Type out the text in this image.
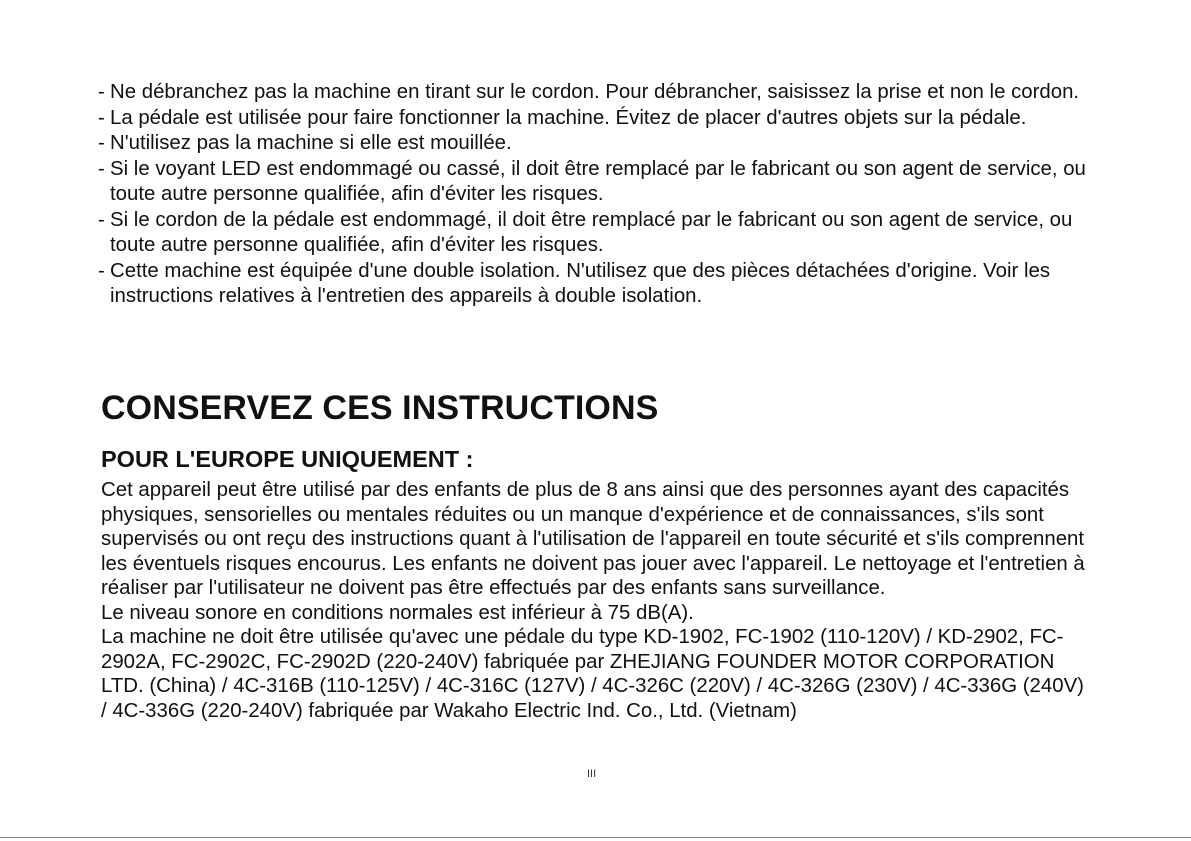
- Ne débranchez pas la machine en tirant sur le cordon. Pour débrancher, saisissez la prise et non le cordon.
- La pédale est utilisée pour faire fonctionner la machine. Évitez de placer d'autres objets sur la pédale.
- N'utilisez pas la machine si elle est mouillée.
- Si le voyant LED est endommagé ou cassé, il doit être remplacé par le fabricant ou son agent de service, ou toute autre personne qualifiée, afin d'éviter les risques.
- Si le cordon de la pédale est endommagé, il doit être remplacé par le fabricant ou son agent de service, ou toute autre personne qualifiée, afin d'éviter les risques.
- Cette machine est équipée d'une double isolation. N'utilisez que des pièces détachées d'origine. Voir les instructions relatives à l'entretien des appareils à double isolation.
CONSERVEZ CES INSTRUCTIONS
POUR L'EUROPE UNIQUEMENT :

Cet appareil peut être utilisé par des enfants de plus de 8 ans ainsi que des personnes ayant des capacités physiques, sensorielles ou mentales réduites ou un manque d'expérience et de connaissances, s'ils sont supervisés ou ont reçu des instructions quant à l'utilisation de l'appareil en toute sécurité et s'ils comprennent les éventuels risques encourus. Les enfants ne doivent pas jouer avec l'appareil. Le nettoyage et l'entretien à réaliser par l'utilisateur ne doivent pas être effectués par des enfants sans surveillance.

Le niveau sonore en conditions normales est inférieur à 75 dB(A).

La machine ne doit être utilisée qu'avec une pédale du type KD-1902, FC-1902 (110-120V) / KD-2902, FC-2902A, FC-2902C, FC-2902D (220-240V) fabriquée par ZHEJIANG FOUNDER MOTOR CORPORATION LTD. (China) / 4C-316B (110-125V) / 4C-316C (127V) / 4C-326C (220V) / 4C-326G (230V) / 4C-336G (240V) / 4C-336G (220-240V) fabriquée par Wakaho Electric Ind. Co., Ltd. (Vietnam)

III
